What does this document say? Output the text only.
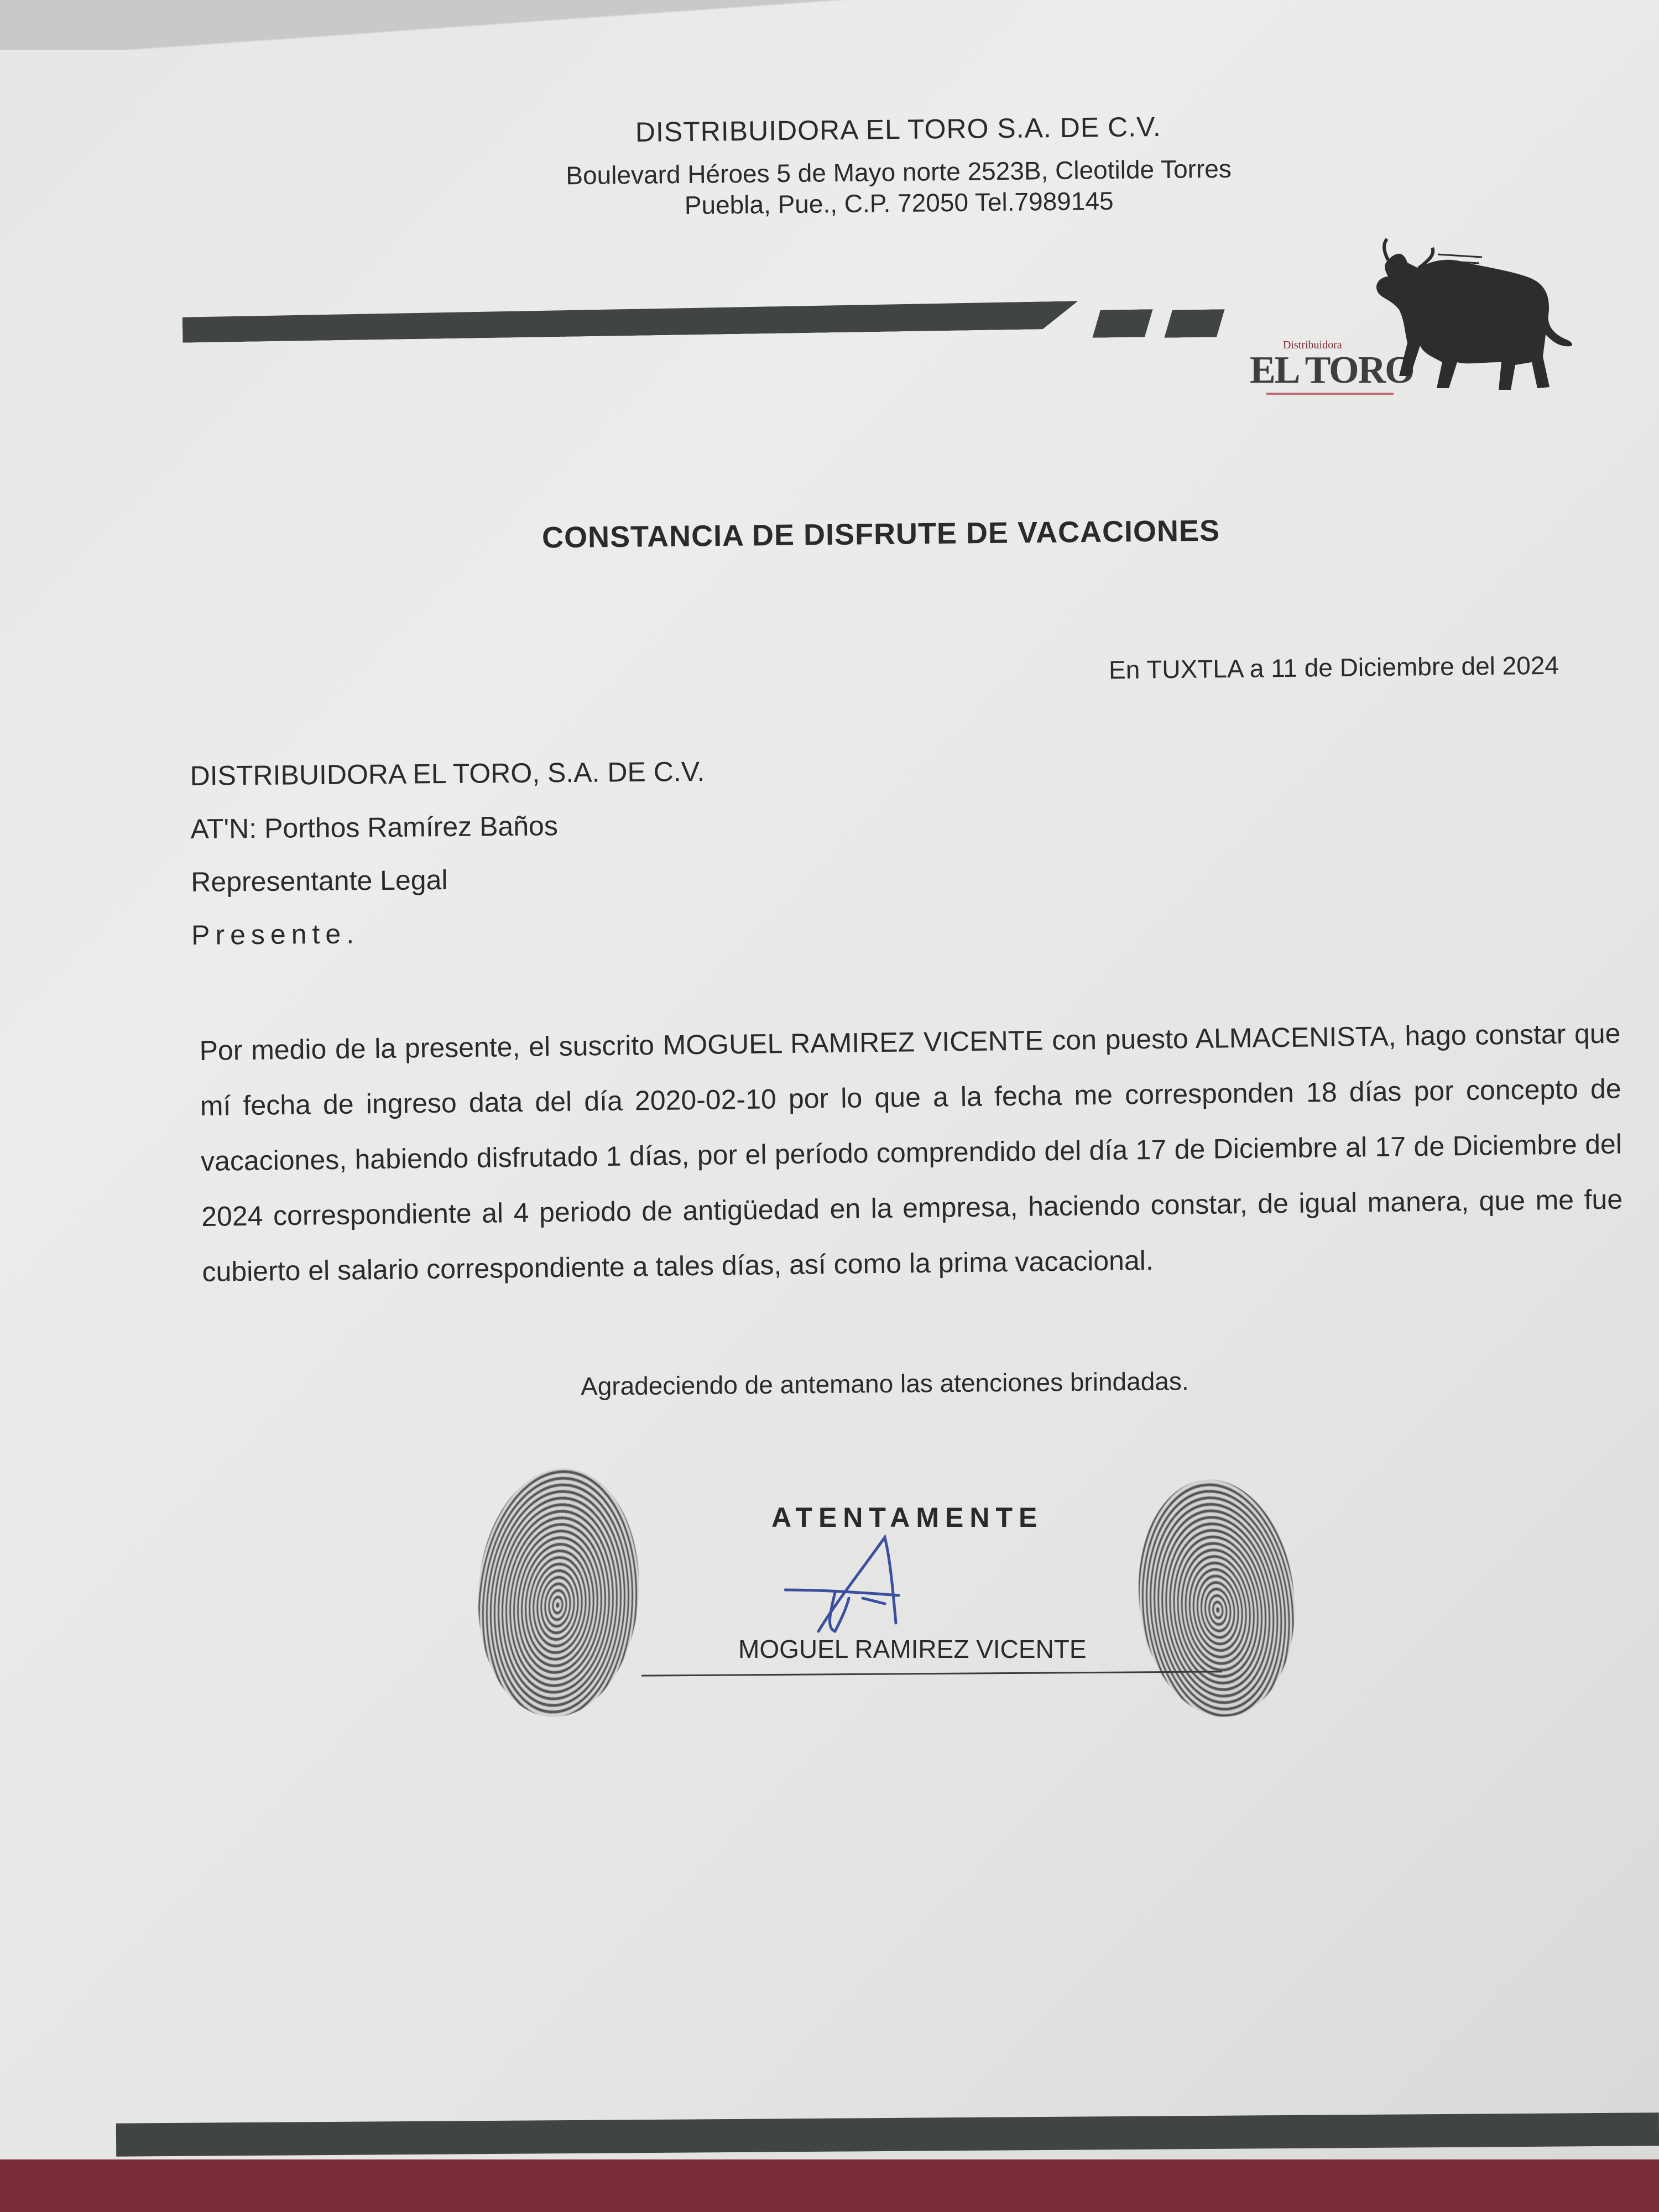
DISTRIBUIDORA EL TORO S.A. DE C.V.
Boulevard Héroes 5 de Mayo norte 2523B, Cleotilde Torres
Puebla, Pue., C.P. 72050 Tel.7989145
Distribuidora
EL TORO
CONSTANCIA DE DISFRUTE DE VACACIONES
En TUXTLA a 11 de Diciembre del 2024
DISTRIBUIDORA EL TORO, S.A. DE C.V.
AT'N: Porthos Ramírez Baños
Representante Legal
Presente.
Por medio de la presente, el suscrito MOGUEL RAMIREZ VICENTE con puesto ALMACENISTA, hago constar que mí fecha de ingreso data del día 2020-02-10 por lo que a la fecha me corresponden 18 días por concepto de vacaciones, habiendo disfrutado 1 días, por el período comprendido del día 17 de Diciembre al 17 de Diciembre del 2024 correspondiente al 4 periodo de antigüedad en la empresa, haciendo constar, de igual manera, que me fue cubierto el salario correspondiente a tales días, así como la prima vacacional.
Agradeciendo de antemano las atenciones brindadas.
ATENTAMENTE
MOGUEL RAMIREZ VICENTE
